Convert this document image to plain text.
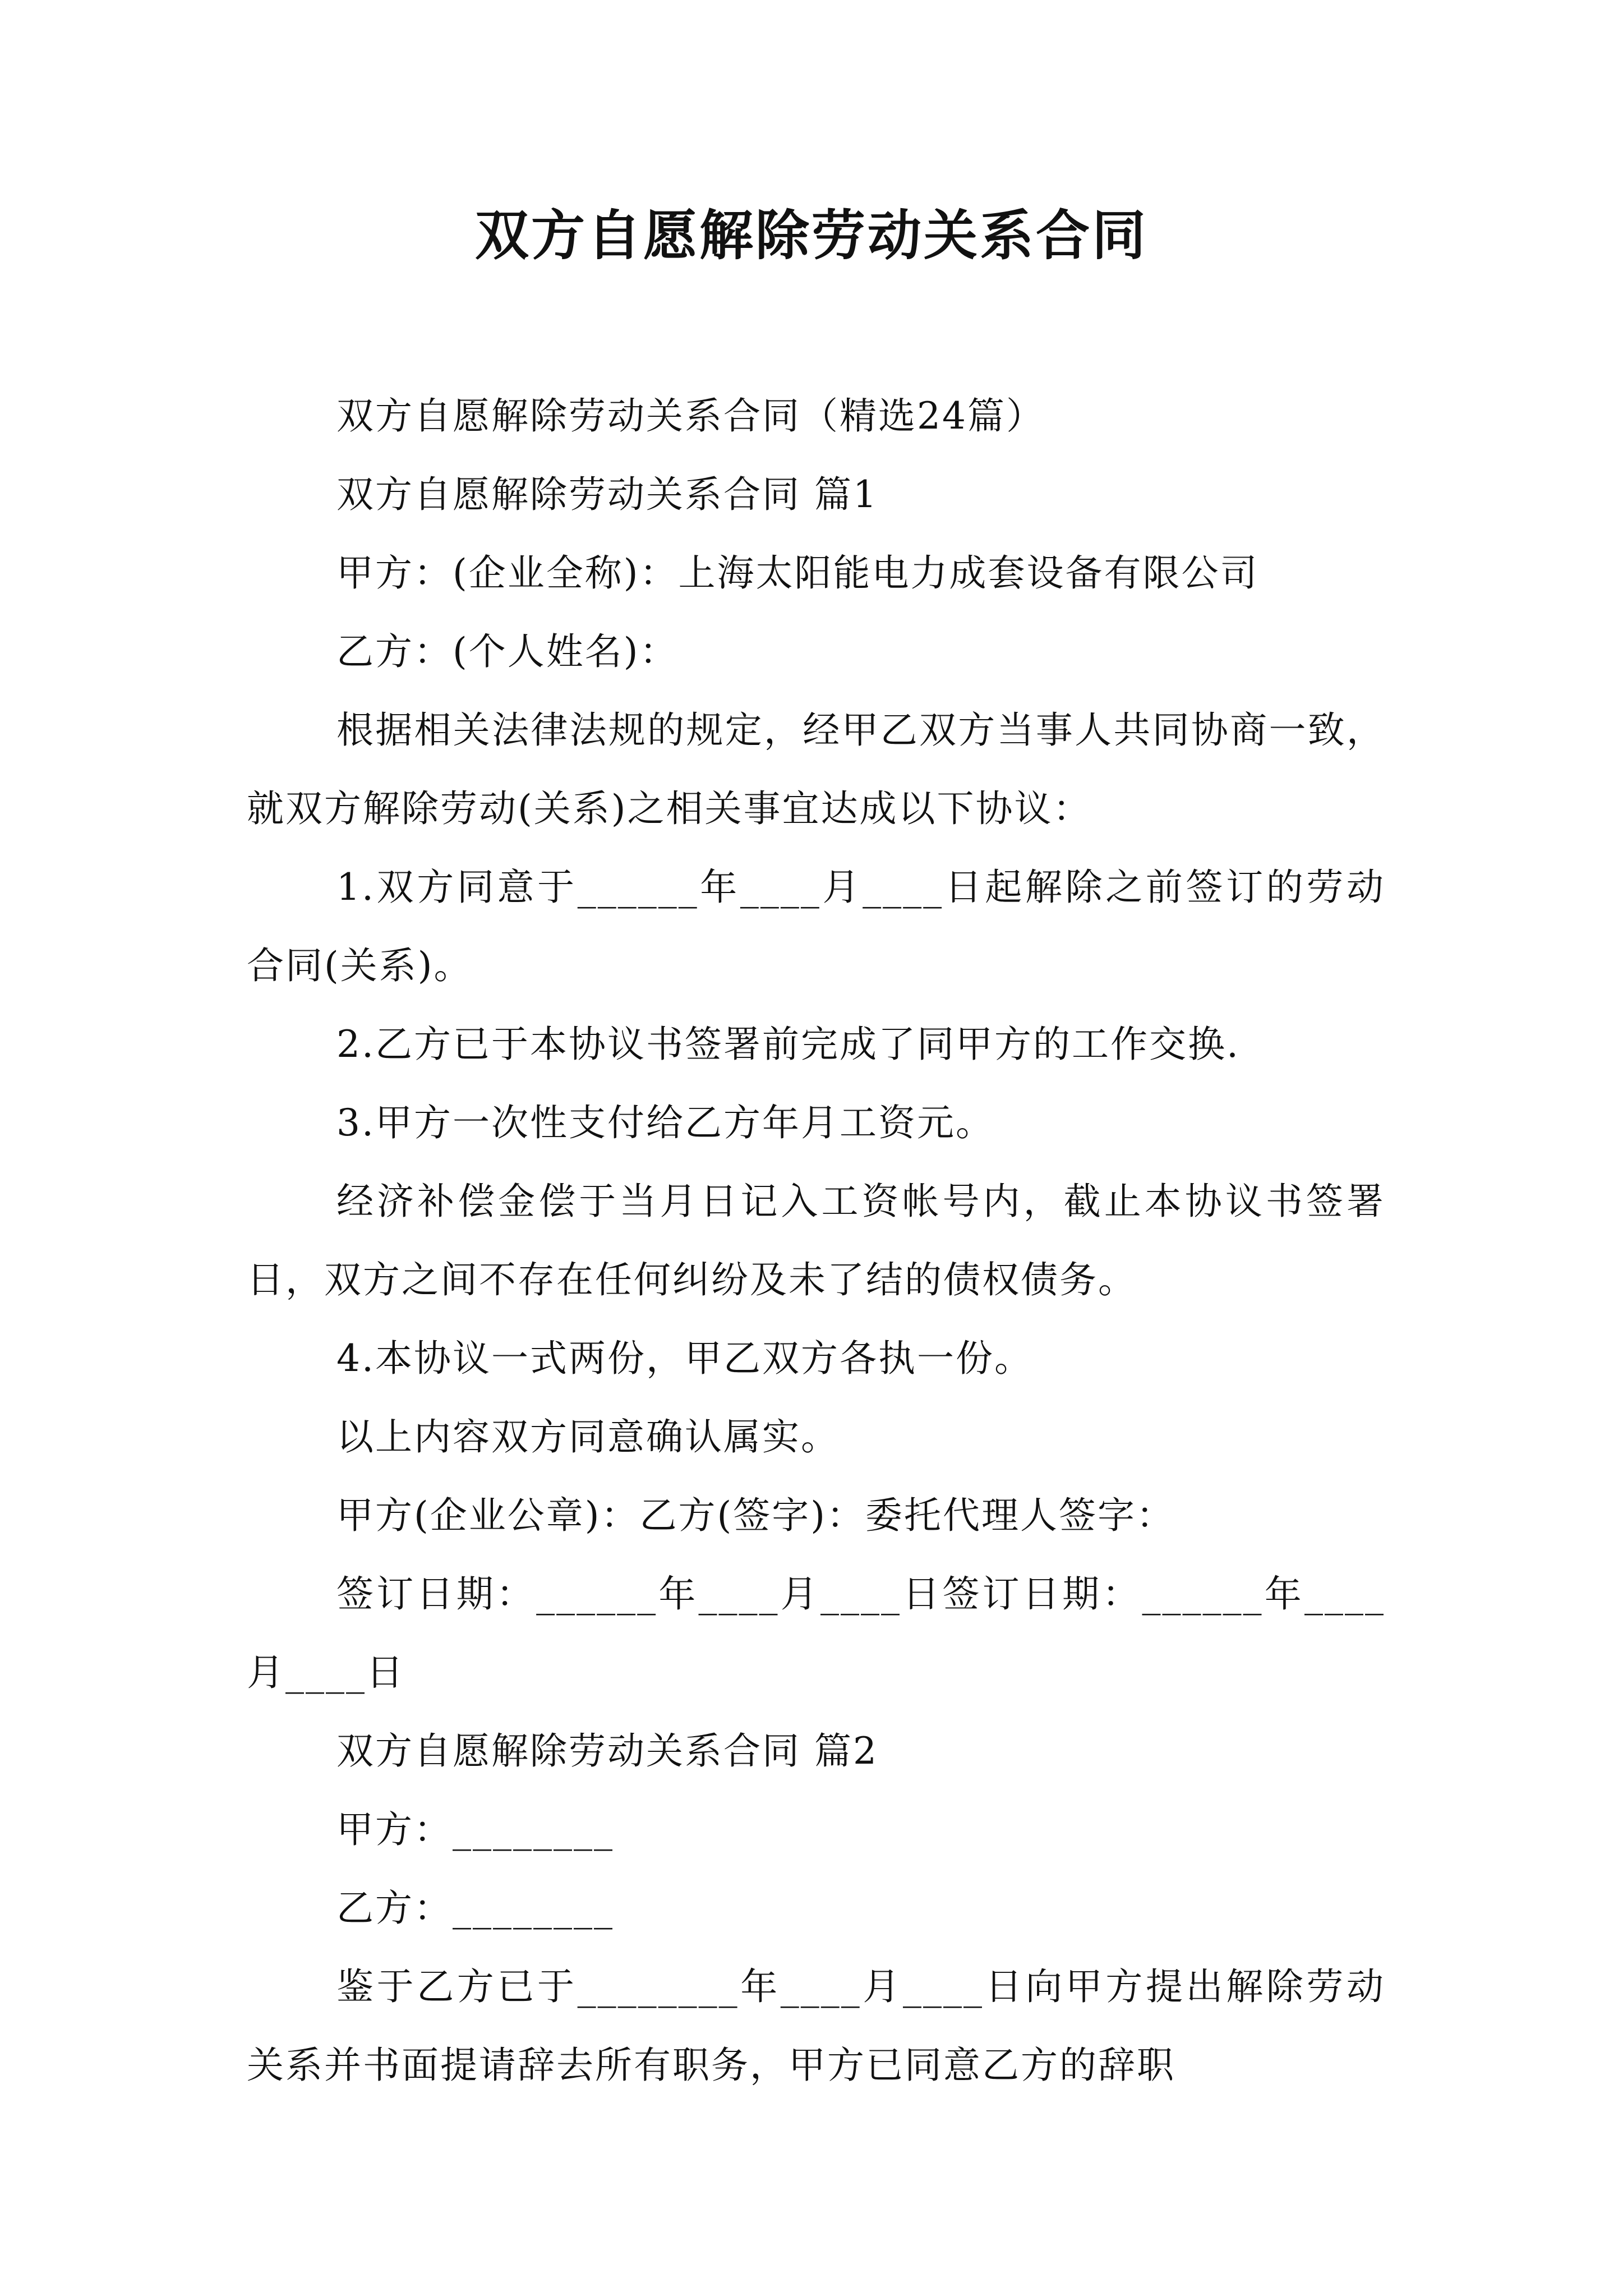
双方自愿解除劳动关系合同

双方自愿解除劳动关系合同（精选24篇）

双方自愿解除劳动关系合同 篇1

甲方：(企业全称)：上海太阳能电力成套设备有限公司

乙方：(个人姓名)：

根据相关法律法规的规定，经甲乙双方当事人共同协商一致，就双方解除劳动(关系)之相关事宜达成以下协议：

1.双方同意于______年____月____日起解除之前签订的劳动合同(关系)。

2.乙方已于本协议书签署前完成了同甲方的工作交换.

3.甲方一次性支付给乙方年月工资元。

经济补偿金偿于当月日记入工资帐号内，截止本协议书签署日，双方之间不存在任何纠纷及未了结的债权债务。

4.本协议一式两份，甲乙双方各执一份。

以上内容双方同意确认属实。

甲方(企业公章)：乙方(签字)：委托代理人签字：

签订日期：______年____月____日签订日期：______年____月____日

双方自愿解除劳动关系合同 篇2

甲方：________

乙方：________

鉴于乙方已于________年____月____日向甲方提出解除劳动关系并书面提请辞去所有职务，甲方已同意乙方的辞职
